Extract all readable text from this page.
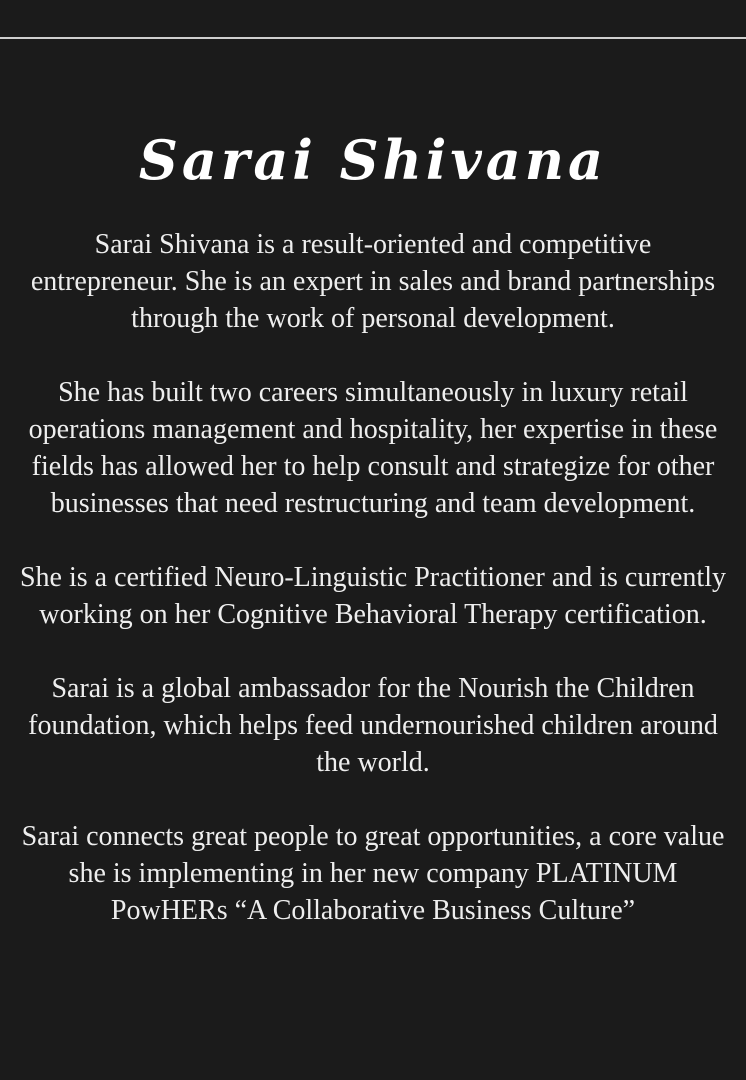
Sarai Shivana

Sarai Shivana is a result-oriented and competitive entrepreneur. She is an expert in sales and brand partnerships through the work of personal development.

She has built two careers simultaneously in luxury retail operations management and hospitality, her expertise in these fields has allowed her to help consult and strategize for other businesses that need restructuring and team development.

She is a certified Neuro-Linguistic Practitioner and is currently working on her Cognitive Behavioral Therapy certification.

Sarai is a global ambassador for the Nourish the Children foundation, which helps feed undernourished children around the world.

Sarai connects great people to great opportunities, a core value she is implementing in her new company PLATINUM PowHERs “A Collaborative Business Culture”
